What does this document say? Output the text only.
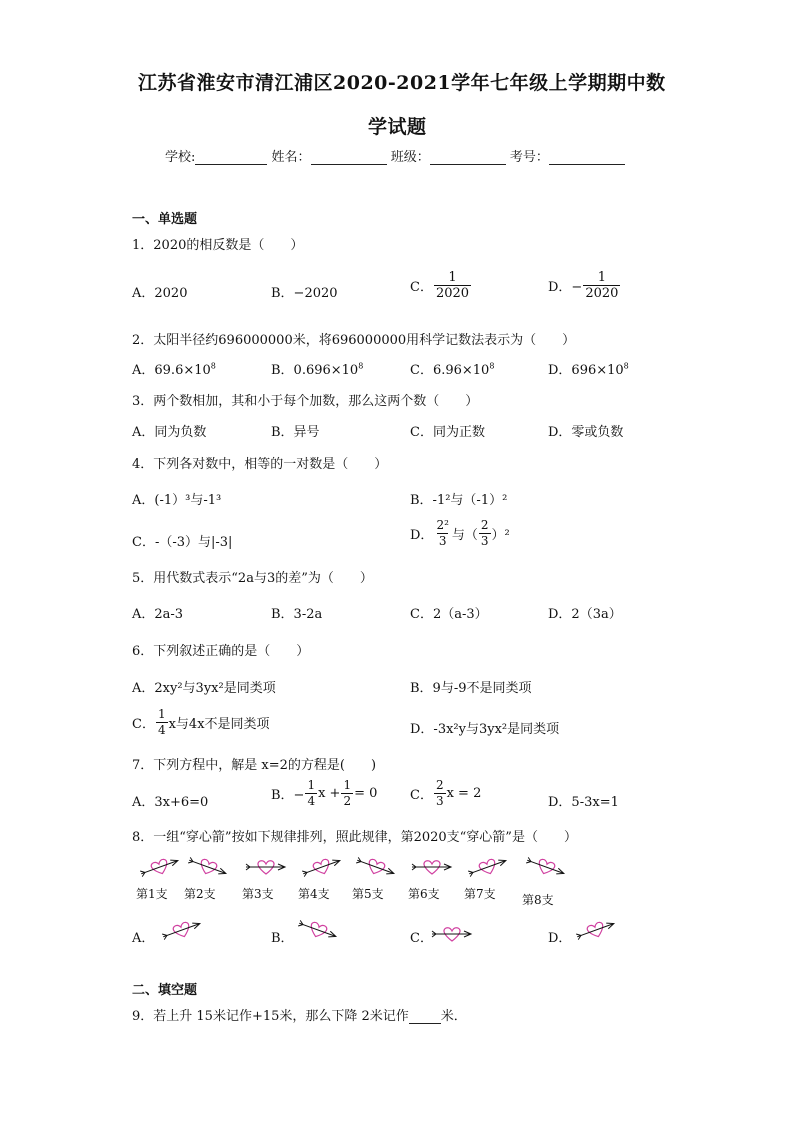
江苏省淮安市清江浦区2020-2021学年七年级上学期期中数
学试题
学校:	姓名：	班级：	考号：
一、单选题
1．2020的相反数是（　　）
A．2020	B．−2020	C． $\frac{1}{2020}$	D．− $\frac{1}{2020}$
2．太阳半径约696000000米，将696000000用科学记数法表示为（　　）
A．$69.6\times 10^8$	B．$0.696\times 10^8$	C．$6.96\times 10^8$	D．$696\times 10^8$
3．两个数相加，其和小于每个加数，那么这两个数（　　）
A．同为负数	B．异号	C．同为正数	D．零或负数
4．下列各对数中，相等的一对数是（　　）
A．(-1）³与-1³	B．-1²与（-1）²
C．-（-3）与|-3|	D． $\frac{\text{2²}}{3}$ 与（ $\frac{2}{3} )^2$
5．用代数式表示“2a与3的差”为（　　）
A．2a-3	B．3-2a	C．2（a-3）	D．2（3a）
6．下列叙述正确的是（　　）
A．2xy²与3yx²是同类项	B．9与-9不是同类项
C． $\frac{1}{4}$ x与4x不是同类项	D．-3x²y与3yx²是同类项
7．下列方程中，解是 x=2的方程是(　　)
A．3x+6=0	B．− $\frac{1}{4}$ $x + \frac{1}{2} = 0$	C． $\frac{2}{3}$ x = 2
D．5-3x=1
8．一组“穿心箭”按如下规律排列，照此规律，第2020支“穿心箭”是（　　）
A．	B．	C．	D．
二、填空题
9．若上升 15米记作+15米，那么下降 2米记作 米．
第1支 第2支 第3支 第4支 第5支 第6支 第7支 第8支
